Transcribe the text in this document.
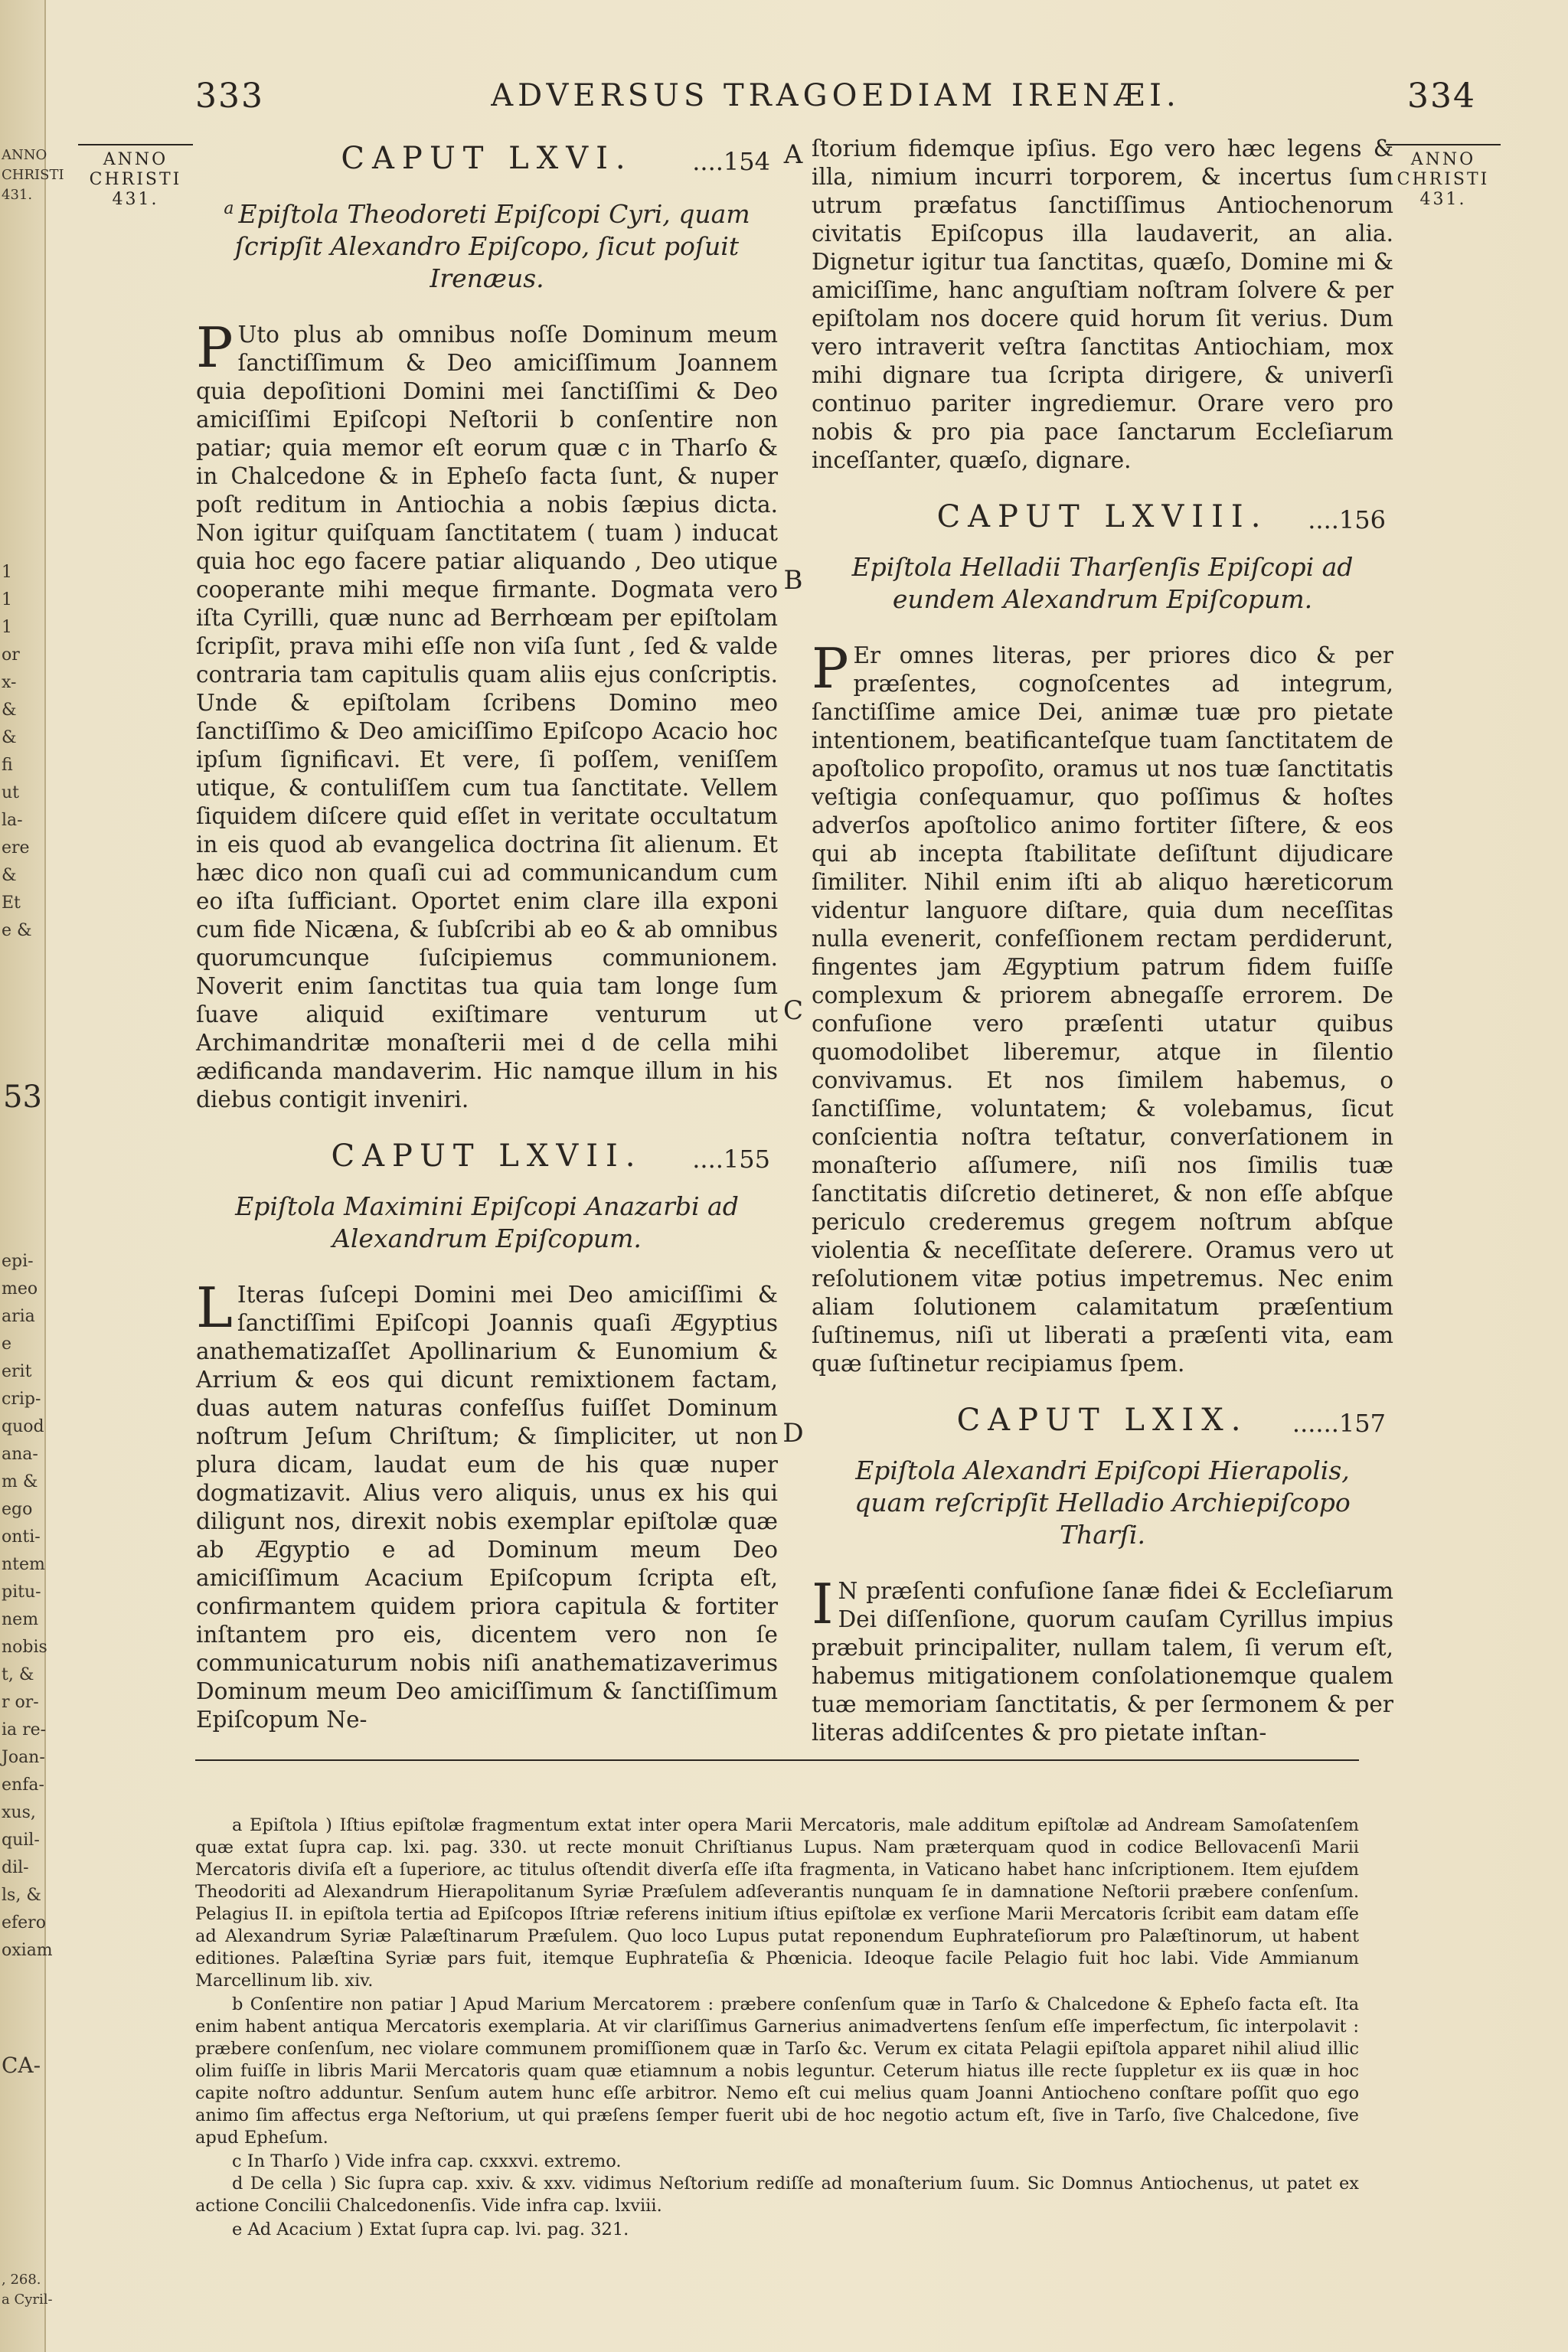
ANNO
CHRISTI
431.
1
1
1
or
x-
&
&
fi
ut
la-
ere
&
Et
e &
53
epi-
meo
aria
e
erit
crip-
quod
ana-
m &
ego
onti-
ntem
pitu-
nem
nobis
t, &
r or-
ia re-
Joan-
enfa-
xus,
quil-
dil-
ls, &
efero
oxiam
CA-
, 268.
a Cyril-
333	ADVERSUS TRAGOEDIAM IRENÆI.	334
ANNO
CHRISTI
431.
ANNO
CHRISTI
431.
A
B
C
D
CAPUT LXVI.	....154
$^a$ Epiſtola Theodoreti Epiſcopi Cyri, quam ſcripſit Alexandro Epiſcopo, ſicut poſuit Irenæus.
P Uto plus ab omnibus noſſe Dominum meum ſanctiſſimum & Deo amiciſſimum Joannem quia depoſitioni Domini mei ſanctiſſimi & Deo amiciſſimi Epiſcopi Neſtorii b conſentire non patiar; quia memor eſt eorum quæ c in Tharſo & in Chalcedone & in Epheſo facta ſunt, & nuper poſt reditum in Antiochia a nobis ſæpius dicta. Non igitur quiſquam ſanctitatem ( tuam ) inducat quia hoc ego facere patiar aliquando , Deo utique cooperante mihi meque firmante. Dogmata vero iſta Cyrilli, quæ nunc ad Berrhœam per epiſtolam ſcripſit, prava mihi eſſe non viſa ſunt , ſed & valde contraria tam capitulis quam aliis ejus conſcriptis. Unde & epiſtolam ſcribens Domino meo ſanctiſſimo & Deo amiciſſimo Epiſcopo Acacio hoc ipſum ſignificavi. Et vere, ſi poſſem, veniſſem utique, & contuliſſem cum tua ſanctitate. Vellem ſiquidem diſcere quid eſſet in veritate occultatum in eis quod ab evangelica doctrina ſit alienum. Et hæc dico non quaſi cui ad communicandum cum eo iſta ſufficiant. Oportet enim clare illa exponi cum fide Nicæna, & ſubſcribi ab eo & ab omnibus quorumcunque ſuſcipiemus communionem. Noverit enim ſanctitas tua quia tam longe ſum ſuave aliquid exiſtimare venturum ut Archimandritæ monaſterii mei d de cella mihi ædificanda mandaverim. Hic namque illum in his diebus contigit inveniri.
CAPUT LXVII.	....155
Epiſtola Maximini Epiſcopi Anazarbi ad Alexandrum Epiſcopum.
L Iteras ſuſcepi Domini mei Deo amiciſſimi & ſanctiſſimi Epiſcopi Joannis quaſi Ægyptius anathematizaſſet Apollinarium & Eunomium & Arrium & eos qui dicunt remixtionem factam, duas autem naturas confeſſus fuiſſet Dominum noſtrum Jeſum Chriſtum; & ſimpliciter, ut non plura dicam, laudat eum de his quæ nuper dogmatizavit. Alius vero aliquis, unus ex his qui diligunt nos, direxit nobis exemplar epiſtolæ quæ ab Ægyptio e ad Dominum meum Deo amiciſſimum Acacium Epiſcopum ſcripta eſt, confirmantem quidem priora capitula & fortiter inſtantem pro eis, dicentem vero non ſe communicaturum nobis niſi anathematizaverimus Dominum meum Deo amiciſſimum & ſanctiſſimum Epiſcopum Ne-
ſtorium fidemque ipſius. Ego vero hæc legens & illa, nimium incurri torporem, & incertus ſum utrum præfatus ſanctiſſimus Antiochenorum civitatis Epiſcopus illa laudaverit, an alia. Dignetur igitur tua ſanctitas, quæſo, Domine mi & amiciſſime, hanc anguſtiam noſtram ſolvere & per epiſtolam nos docere quid horum ſit verius. Dum vero intraverit veſtra ſanctitas Antiochiam, mox mihi dignare tua ſcripta dirigere, & univerſi continuo pariter ingrediemur. Orare vero pro nobis & pro pia pace ſanctarum Eccleſiarum inceſſanter, quæſo, dignare.
CAPUT LXVIII.	....156
Epiſtola Helladii Tharſenſis Epiſcopi ad eundem Alexandrum Epiſcopum.
P Er omnes literas, per priores dico & per præſentes, cognoſcentes ad integrum, ſanctiſſime amice Dei, animæ tuæ pro pietate intentionem, beatificanteſque tuam ſanctitatem de apoſtolico propoſito, oramus ut nos tuæ ſanctitatis veſtigia conſequamur, quo poſſimus & hoſtes adverſos apoſtolico animo fortiter ſiſtere, & eos qui ab incepta ſtabilitate deſiſtunt dijudicare ſimiliter. Nihil enim iſti ab aliquo hæreticorum videntur languore diſtare, quia dum neceſſitas nulla evenerit, confeſſionem rectam perdiderunt, fingentes jam Ægyptium patrum fidem fuiſſe complexum & priorem abnegaſſe errorem. De confuſione vero præſenti utatur quibus quomodolibet liberemur, atque in ſilentio convivamus. Et nos ſimilem habemus, o ſanctiſſime, voluntatem; & volebamus, ſicut conſcientia noſtra teſtatur, converſationem in monaſterio aſſumere, niſi nos ſimilis tuæ ſanctitatis diſcretio detineret, & non eſſe abſque periculo crederemus gregem noſtrum abſque violentia & neceſſitate deſerere. Oramus vero ut reſolutionem vitæ potius impetremus. Nec enim aliam ſolutionem calamitatum præſentium ſuſtinemus, niſi ut liberati a præſenti vita, eam quæ ſuſtinetur recipiamus ſpem.
CAPUT LXIX.	......157
Epiſtola Alexandri Epiſcopi Hierapolis, quam reſcripſit Helladio Archiepiſcopo Tharſi.
I N præſenti confuſione ſanæ fidei & Eccleſiarum Dei diſſenſione, quorum cauſam Cyrillus impius præbuit principaliter, nullam talem, ſi verum eſt, habemus mitigationem conſolationemque qualem tuæ memoriam ſanctitatis, & per ſermonem & per literas addiſcentes & pro pietate inſtan-

a Epiſtola ) Iſtius epiſtolæ fragmentum extat inter opera Marii Mercatoris, male additum epiſtolæ ad Andream Samoſatenſem quæ extat ſupra cap. lxi. pag. 330. ut recte monuit Chriſtianus Lupus. Nam præterquam quod in codice Bellovacenſi Marii Mercatoris diviſa eſt a ſuperiore, ac titulus oſtendit diverſa eſſe iſta fragmenta, in Vaticano habet hanc inſcriptionem. Item ejuſdem Theodoriti ad Alexandrum Hierapolitanum Syriæ Præſulem adſeverantis nunquam ſe in damnatione Neſtorii præbere conſenſum. Pelagius II. in epiſtola tertia ad Epiſcopos Iſtriæ referens initium iſtius epiſtolæ ex verſione Marii Mercatoris ſcribit eam datam eſſe ad Alexandrum Syriæ Palæſtinarum Præſulem. Quo loco Lupus putat reponendum Euphrateſiorum pro Palæſtinorum, ut habent editiones. Palæſtina Syriæ pars fuit, itemque Euphrateſia & Phœnicia. Ideoque facile Pelagio fuit hoc labi. Vide Ammianum Marcellinum lib. xiv.

b Conſentire non patiar ] Apud Marium Mercatorem : præbere conſenſum quæ in Tarſo & Chalcedone & Epheſo facta eſt. Ita enim habent antiqua Mercatoris exemplaria. At vir clariſſimus Garnerius animadvertens ſenſum eſſe imperfectum, ſic interpolavit : præbere conſenſum, nec violare communem promiſſionem quæ in Tarſo &c. Verum ex citata Pelagii epiſtola apparet nihil aliud illic olim fuiſſe in libris Marii Mercatoris quam quæ etiamnum a nobis leguntur. Ceterum hiatus ille recte ſuppletur ex iis quæ in hoc capite noſtro adduntur. Senſum autem hunc eſſe arbitror. Nemo eſt cui melius quam Joanni Antiocheno conſtare poſſit quo ego animo ſim affectus erga Neſtorium, ut qui præſens ſemper fuerit ubi de hoc negotio actum eſt, ſive in Tarſo, ſive Chalcedone, ſive apud Epheſum.

c In Tharſo ) Vide infra cap. cxxxvi. extremo.

d De cella ) Sic ſupra cap. xxiv. & xxv. vidimus Neſtorium rediſſe ad monaſterium ſuum. Sic Domnus Antiochenus, ut patet ex actione Concilii Chalcedonenſis. Vide infra cap. lxviii.

e Ad Acacium ) Extat ſupra cap. lvi. pag. 321.
